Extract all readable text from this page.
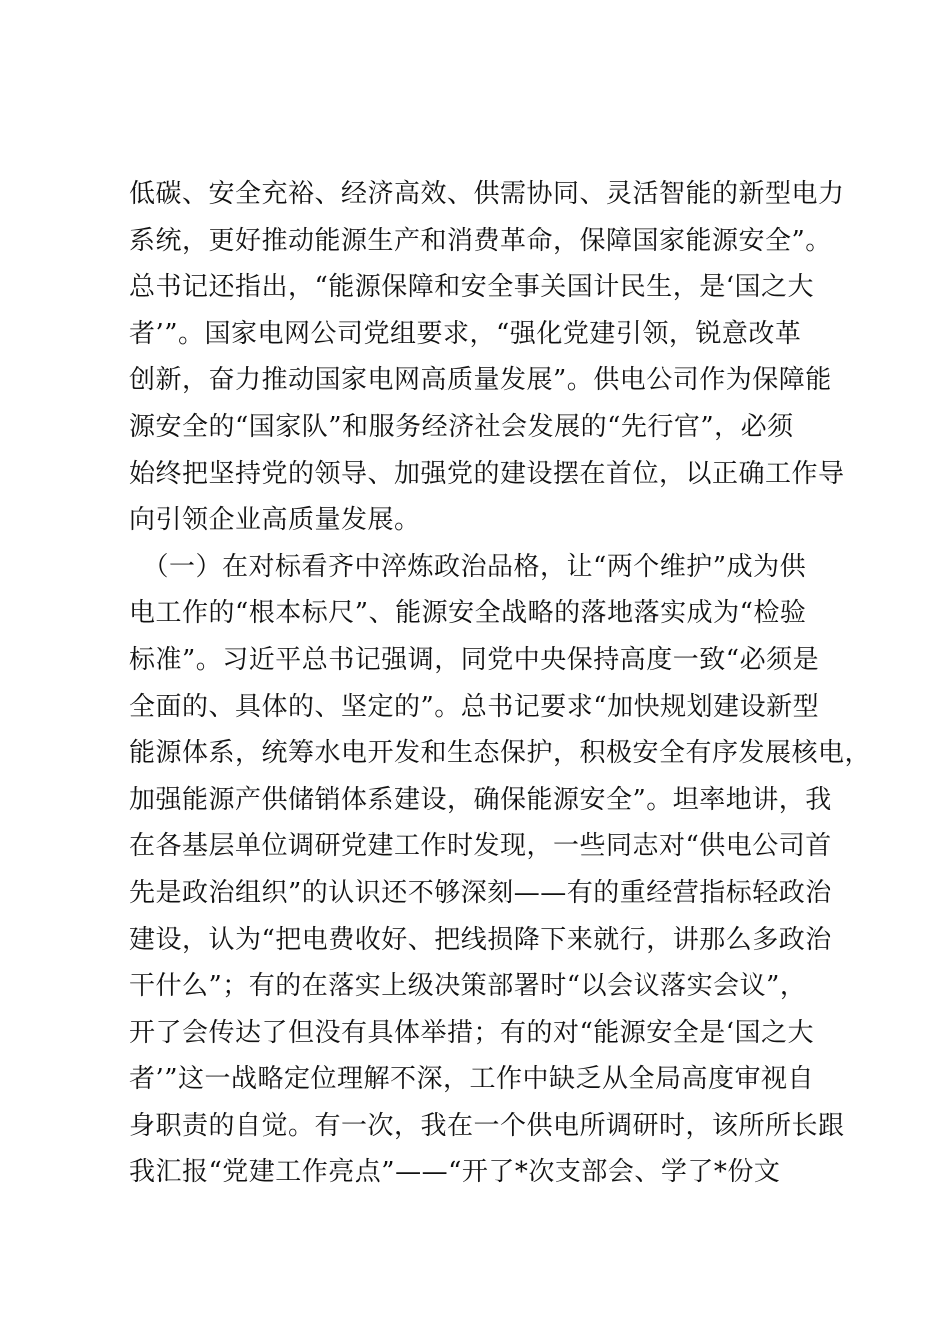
低碳、安全充裕、经济高效、供需协同、灵活智能的新型电力
系统，更好推动能源生产和消费革命，保障国家能源安全”。
总书记还指出，“能源保障和安全事关国计民生，是‘国之大
者’”。国家电网公司党组要求，“强化党建引领，锐意改革
创新，奋力推动国家电网高质量发展”。供电公司作为保障能
源安全的“国家队”和服务经济社会发展的“先行官”，必须
始终把坚持党的领导、加强党的建设摆在首位，以正确工作导
向引领企业高质量发展。
　（一）在对标看齐中淬炼政治品格，让“两个维护”成为供
电工作的“根本标尺”、能源安全战略的落地落实成为“检验
标准”。习近平总书记强调，同党中央保持高度一致“必须是
全面的、具体的、坚定的”。总书记要求“加快规划建设新型
能源体系，统筹水电开发和生态保护，积极安全有序发展核电，
加强能源产供储销体系建设，确保能源安全”。坦率地讲，我
在各基层单位调研党建工作时发现，一些同志对“供电公司首
先是政治组织”的认识还不够深刻——有的重经营指标轻政治
建设，认为“把电费收好、把线损降下来就行，讲那么多政治
干什么”；有的在落实上级决策部署时“以会议落实会议”，
开了会传达了但没有具体举措；有的对“能源安全是‘国之大
者’”这一战略定位理解不深，工作中缺乏从全局高度审视自
身职责的自觉。有一次，我在一个供电所调研时，该所所长跟
我汇报“党建工作亮点”——“开了*次支部会、学了*份文
